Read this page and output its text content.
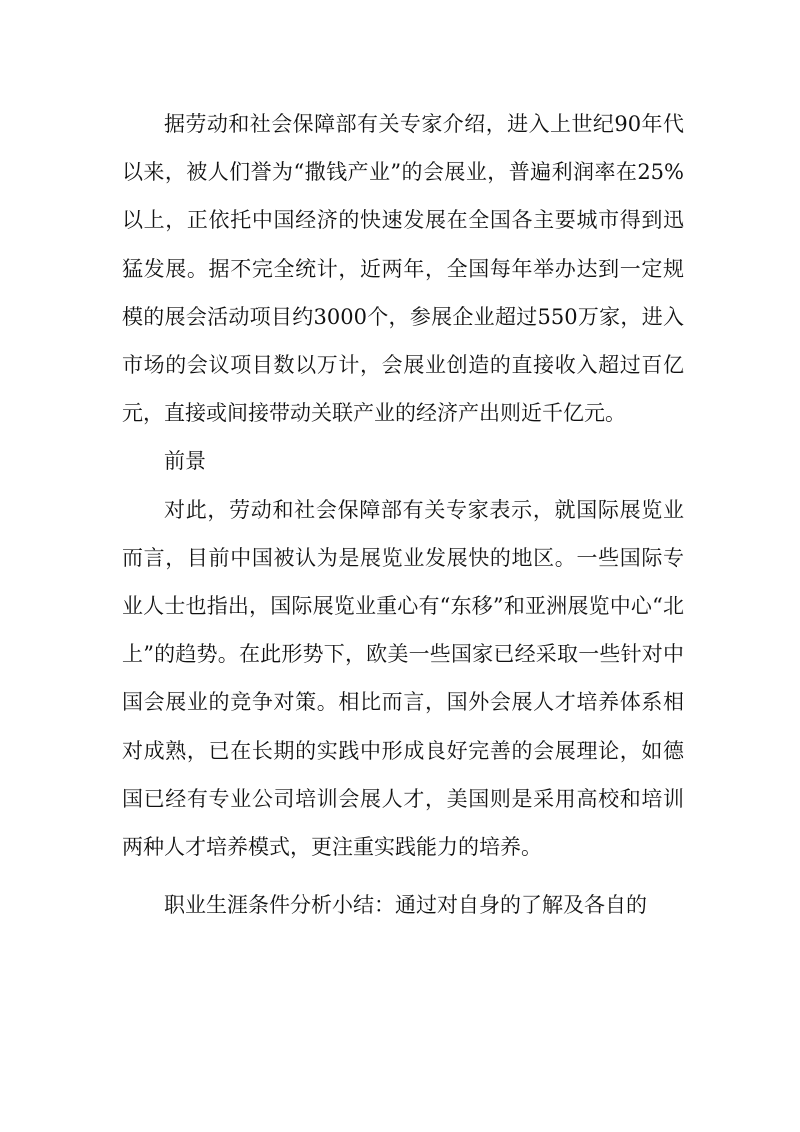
据劳动和社会保障部有关专家介绍，进入上世纪90年代以来，被人们誉为“撒钱产业”的会展业，普遍利润率在25%以上，正依托中国经济的快速发展在全国各主要城市得到迅猛发展。据不完全统计，近两年，全国每年举办达到一定规模的展会活动项目约3000个，参展企业超过550万家，进入市场的会议项目数以万计，会展业创造的直接收入超过百亿元，直接或间接带动关联产业的经济产出则近千亿元。

前景

对此，劳动和社会保障部有关专家表示，就国际展览业而言，目前中国被认为是展览业发展快的地区。一些国际专业人士也指出，国际展览业重心有“东移”和亚洲展览中心“北上”的趋势。在此形势下，欧美一些国家已经采取一些针对中国会展业的竞争对策。相比而言，国外会展人才培养体系相对成熟，已在长期的实践中形成良好完善的会展理论，如德国已经有专业公司培训会展人才，美国则是采用高校和培训两种人才培养模式，更注重实践能力的培养。

职业生涯条件分析小结：通过对自身的了解及各自的
